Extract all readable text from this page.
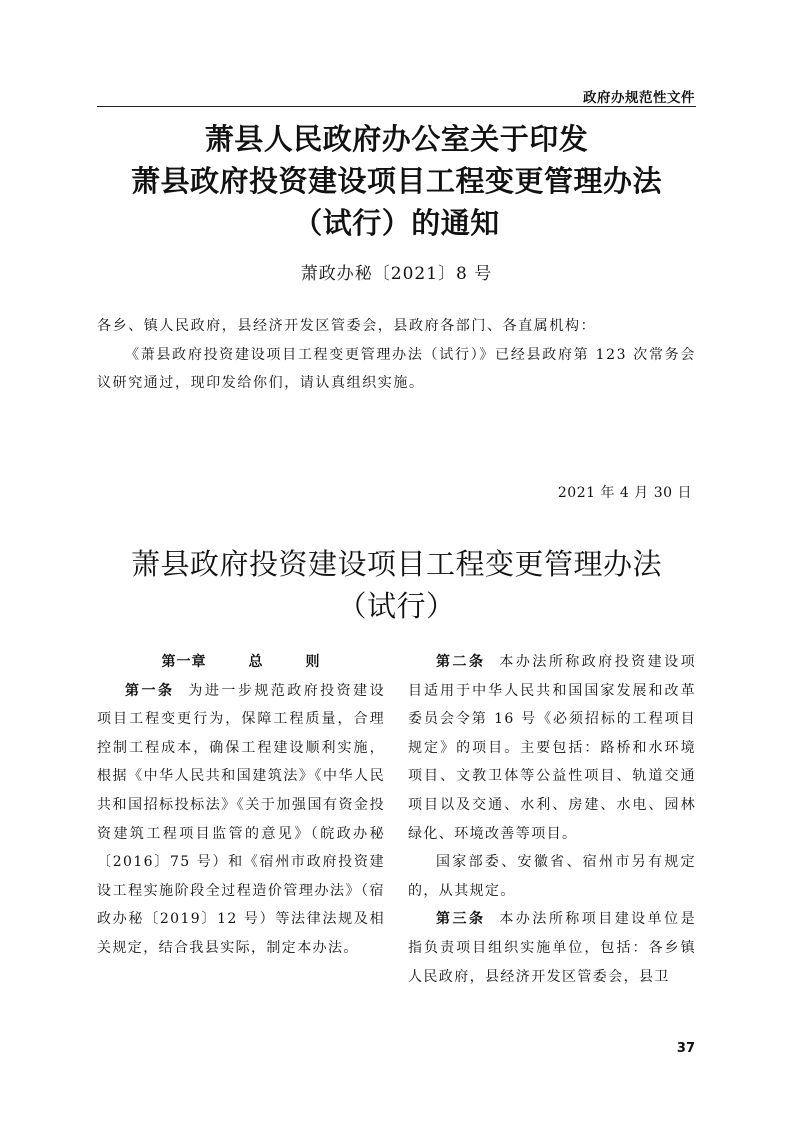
政府办规范性文件
萧县人民政府办公室关于印发
萧县政府投资建设项目工程变更管理办法
（试行）的通知
萧政办秘〔2021〕8 号

各乡、镇人民政府，县经济开发区管委会，县政府各部门、各直属机构：

《萧县政府投资建设项目工程变更管理办法（试行）》已经县政府第 123 次常务会议研究通过，现印发给你们，请认真组织实施。

2021 年 4 月 30 日
萧县政府投资建设项目工程变更管理办法
（试行）

第一章	总	则

第一条 为进一步规范政府投资建设项目工程变更行为，保障工程质量，合理控制工程成本，确保工程建设顺利实施，根据《中华人民共和国建筑法》《中华人民共和国招标投标法》《关于加强国有资金投资建筑工程项目监管的意见》（皖政办秘〔2016〕75 号）和《宿州市政府投资建设工程实施阶段全过程造价管理办法》（宿政办秘〔2019〕12 号）等法律法规及相关规定，结合我县实际，制定本办法。

第二条 本办法所称政府投资建设项目适用于中华人民共和国国家发展和改革委员会令第 16 号《必须招标的工程项目规定》的项目。主要包括：路桥和水环境项目、文教卫体等公益性项目、轨道交通项目以及交通、水利、房建、水电、园林绿化、环境改善等项目。

国家部委、安徽省、宿州市另有规定的，从其规定。

第三条 本办法所称项目建设单位是指负责项目组织实施单位，包括：各乡镇人民政府，县经济开发区管委会，县卫

37
